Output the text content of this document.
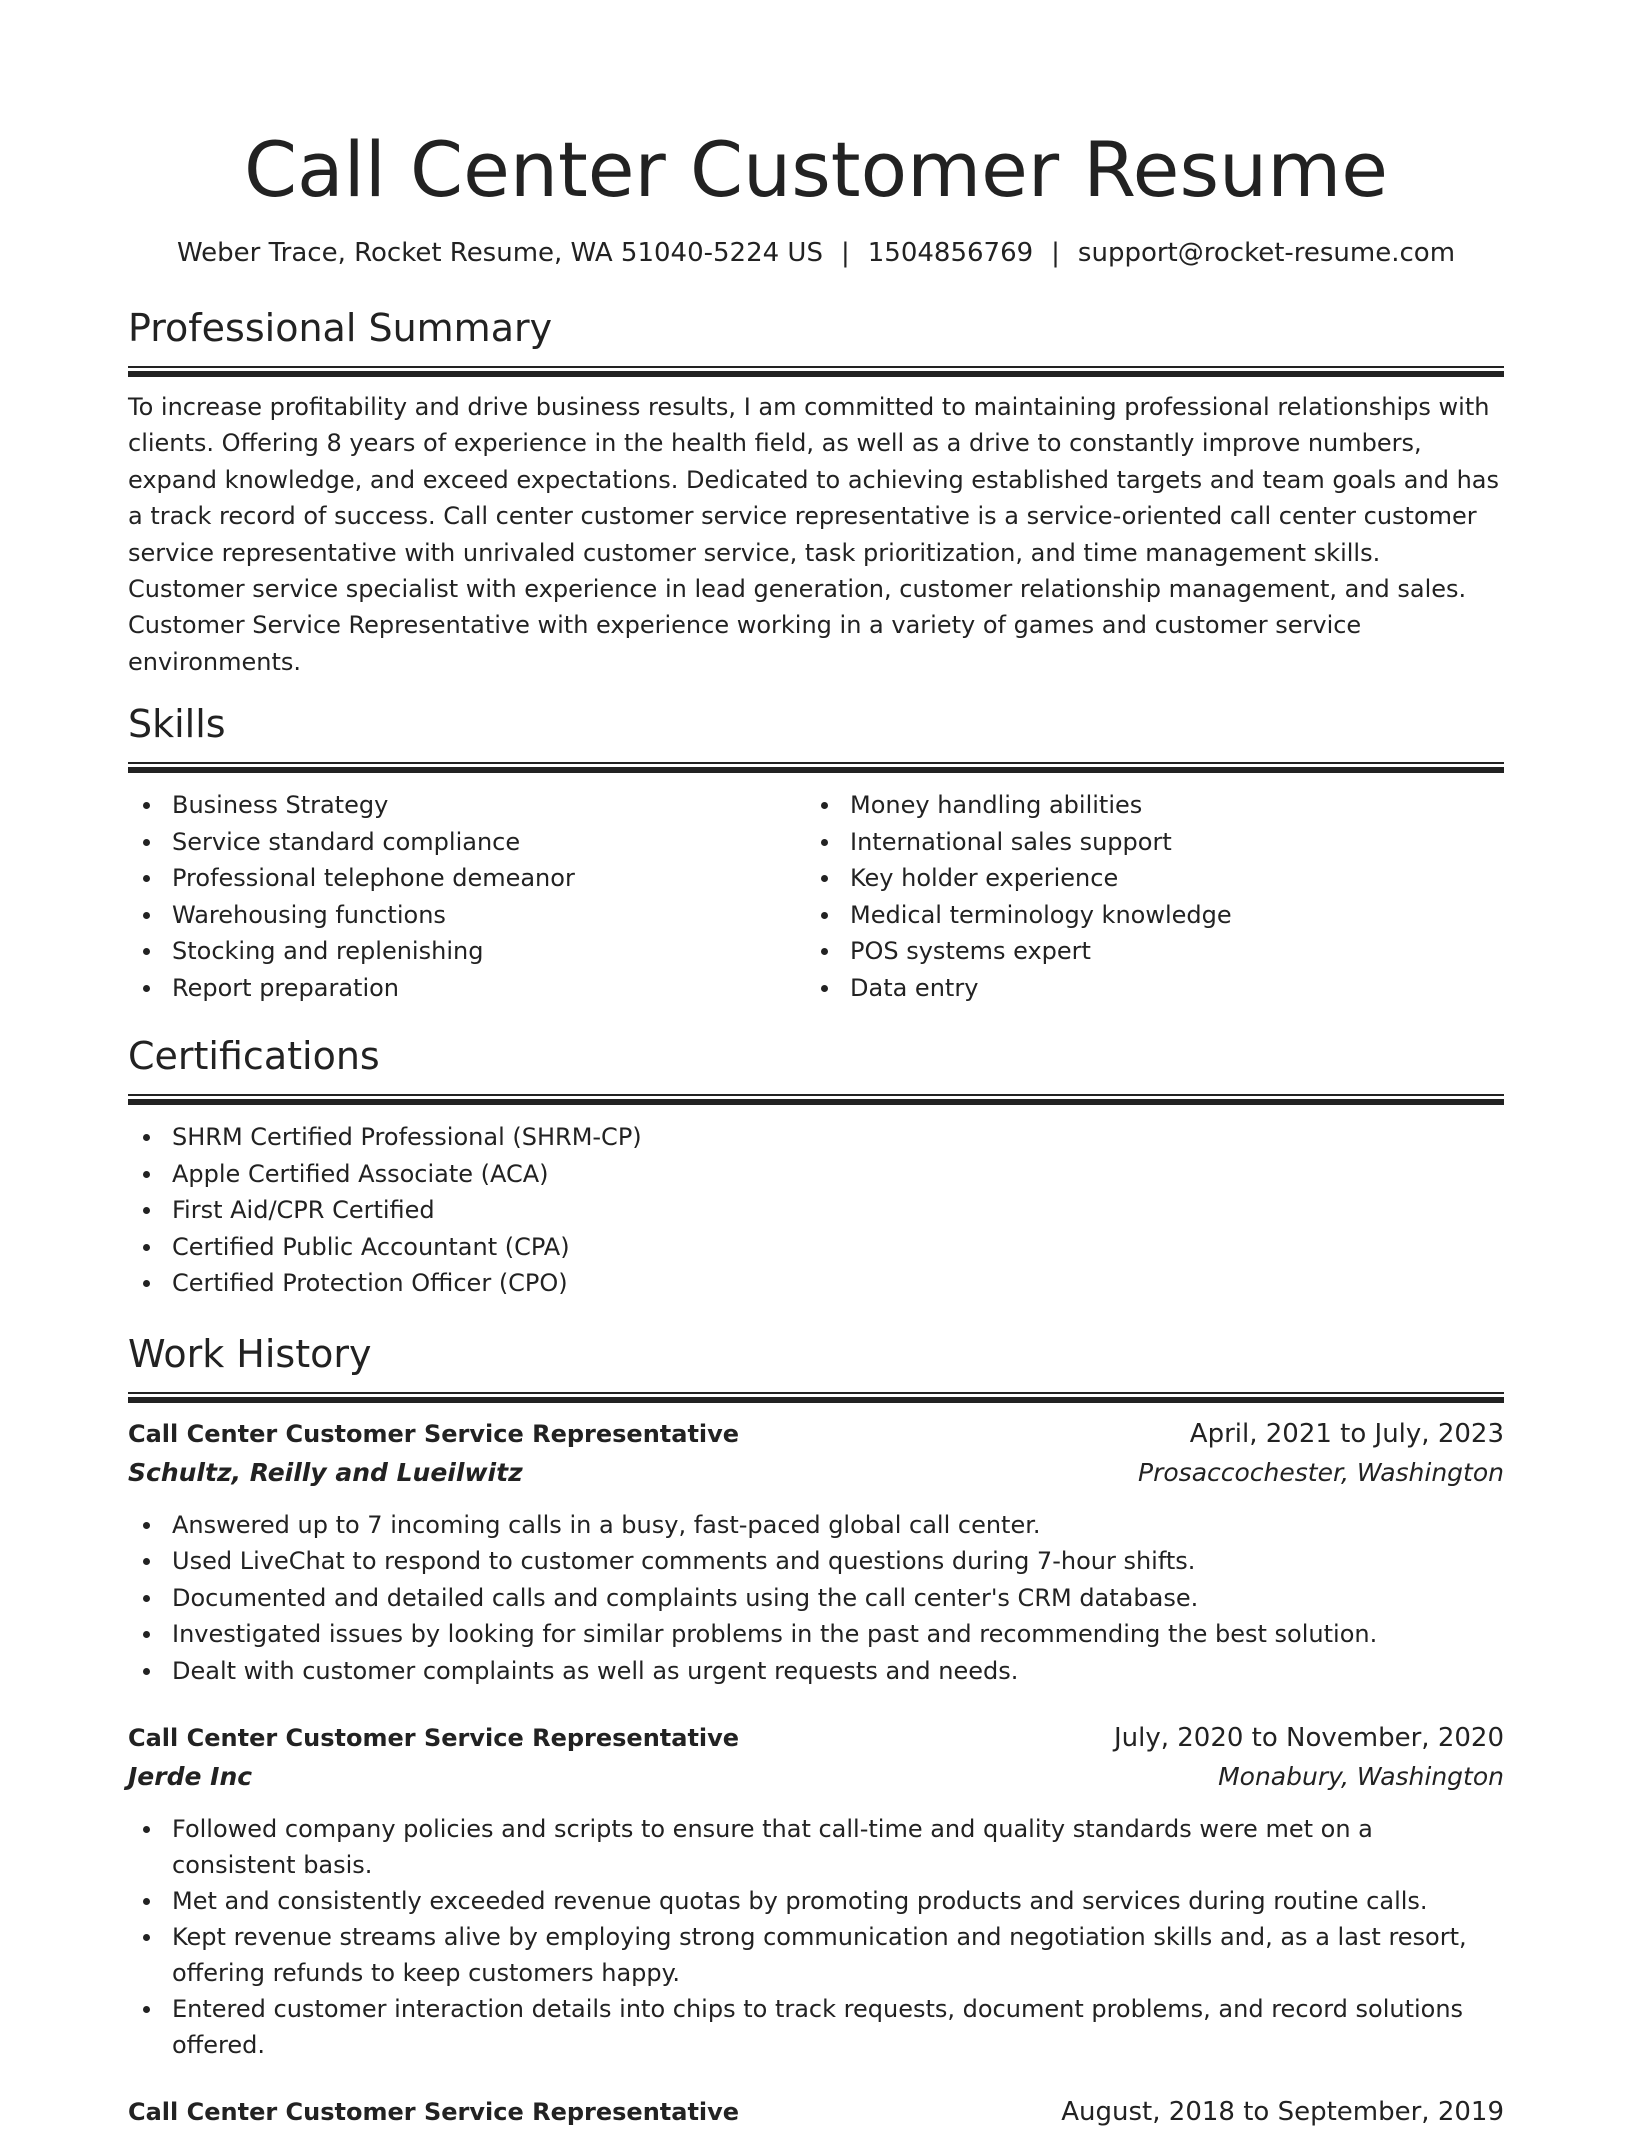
Call Center Customer Resume
Weber Trace, Rocket Resume, WA 51040-5224 US | 1504856769 | support@rocket-resume.com
Professional Summary

To increase profitability and drive business results, I am committed to maintaining professional relationships with clients. Offering 8 years of experience in the health field, as well as a drive to constantly improve numbers, expand knowledge, and exceed expectations. Dedicated to achieving established targets and team goals and has a track record of success. Call center customer service representative is a service-oriented call center customer service representative with unrivaled customer service, task prioritization, and time management skills. Customer service specialist with experience in lead generation, customer relationship management, and sales. Customer Service Representative with experience working in a variety of games and customer service environments.

Skills
Business Strategy
Service standard compliance
Professional telephone demeanor
Warehousing functions
Stocking and replenishing
Report preparation
Money handling abilities
International sales support
Key holder experience
Medical terminology knowledge
POS systems expert
Data entry
Certifications
SHRM Certified Professional (SHRM-CP)
Apple Certified Associate (ACA)
First Aid/CPR Certified
Certified Public Accountant (CPA)
Certified Protection Officer (CPO)
Work History
Call Center Customer Service Representative	April, 2021 to July, 2023
Schultz, Reilly and Lueilwitz	Prosaccochester, Washington
Answered up to 7 incoming calls in a busy, fast-paced global call center.
Used LiveChat to respond to customer comments and questions during 7-hour shifts.
Documented and detailed calls and complaints using the call center's CRM database.
Investigated issues by looking for similar problems in the past and recommending the best solution.
Dealt with customer complaints as well as urgent requests and needs.
Call Center Customer Service Representative	July, 2020 to November, 2020
Jerde Inc	Monabury, Washington
Followed company policies and scripts to ensure that call-time and quality standards were met on a consistent basis.
Met and consistently exceeded revenue quotas by promoting products and services during routine calls.
Kept revenue streams alive by employing strong communication and negotiation skills and, as a last resort, offering refunds to keep customers happy.
Entered customer interaction details into chips to track requests, document problems, and record solutions offered.
Call Center Customer Service Representative	August, 2018 to September, 2019
